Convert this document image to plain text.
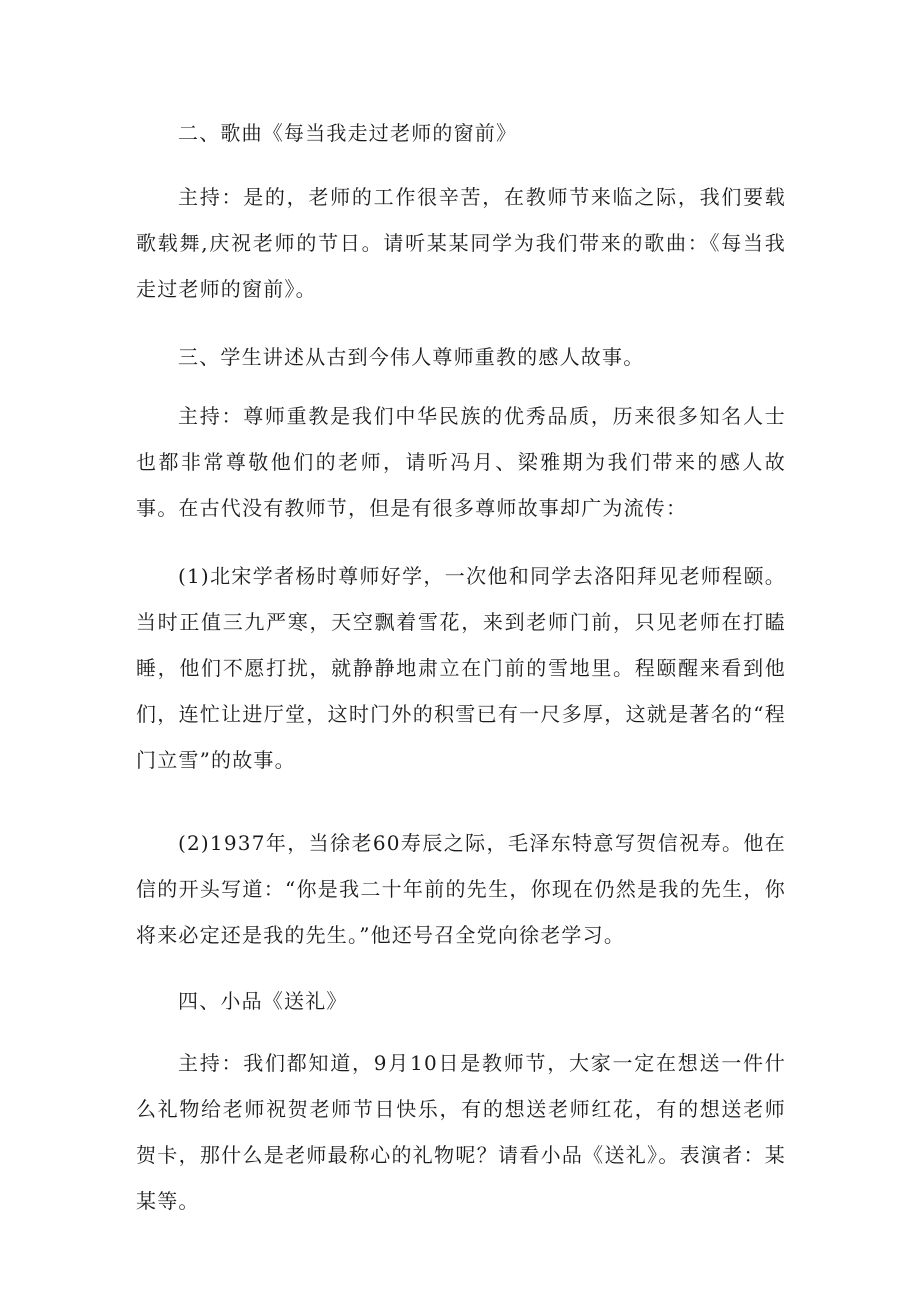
二、歌曲《每当我走过老师的窗前》

主持：是的，老师的工作很辛苦，在教师节来临之际，我们要载歌载舞,庆祝老师的节日。请听某某同学为我们带来的歌曲：《每当我走过老师的窗前》。

三、学生讲述从古到今伟人尊师重教的感人故事。

主持：尊师重教是我们中华民族的优秀品质，历来很多知名人士也都非常尊敬他们的老师，请听冯月、梁雅期为我们带来的感人故事。在古代没有教师节，但是有很多尊师故事却广为流传：

(1)北宋学者杨时尊师好学，一次他和同学去洛阳拜见老师程颐。当时正值三九严寒，天空飘着雪花，来到老师门前，只见老师在打瞌睡，他们不愿打扰，就静静地肃立在门前的雪地里。程颐醒来看到他们，连忙让进厅堂，这时门外的积雪已有一尺多厚，这就是著名的“程门立雪”的故事。

(2)1937年，当徐老60寿辰之际，毛泽东特意写贺信祝寿。他在信的开头写道：“你是我二十年前的先生，你现在仍然是我的先生，你将来必定还是我的先生。”他还号召全党向徐老学习。

四、小品《送礼》

主持：我们都知道，9月10日是教师节，大家一定在想送一件什么礼物给老师祝贺老师节日快乐，有的想送老师红花，有的想送老师贺卡，那什么是老师最称心的礼物呢？请看小品《送礼》。表演者：某某等。
